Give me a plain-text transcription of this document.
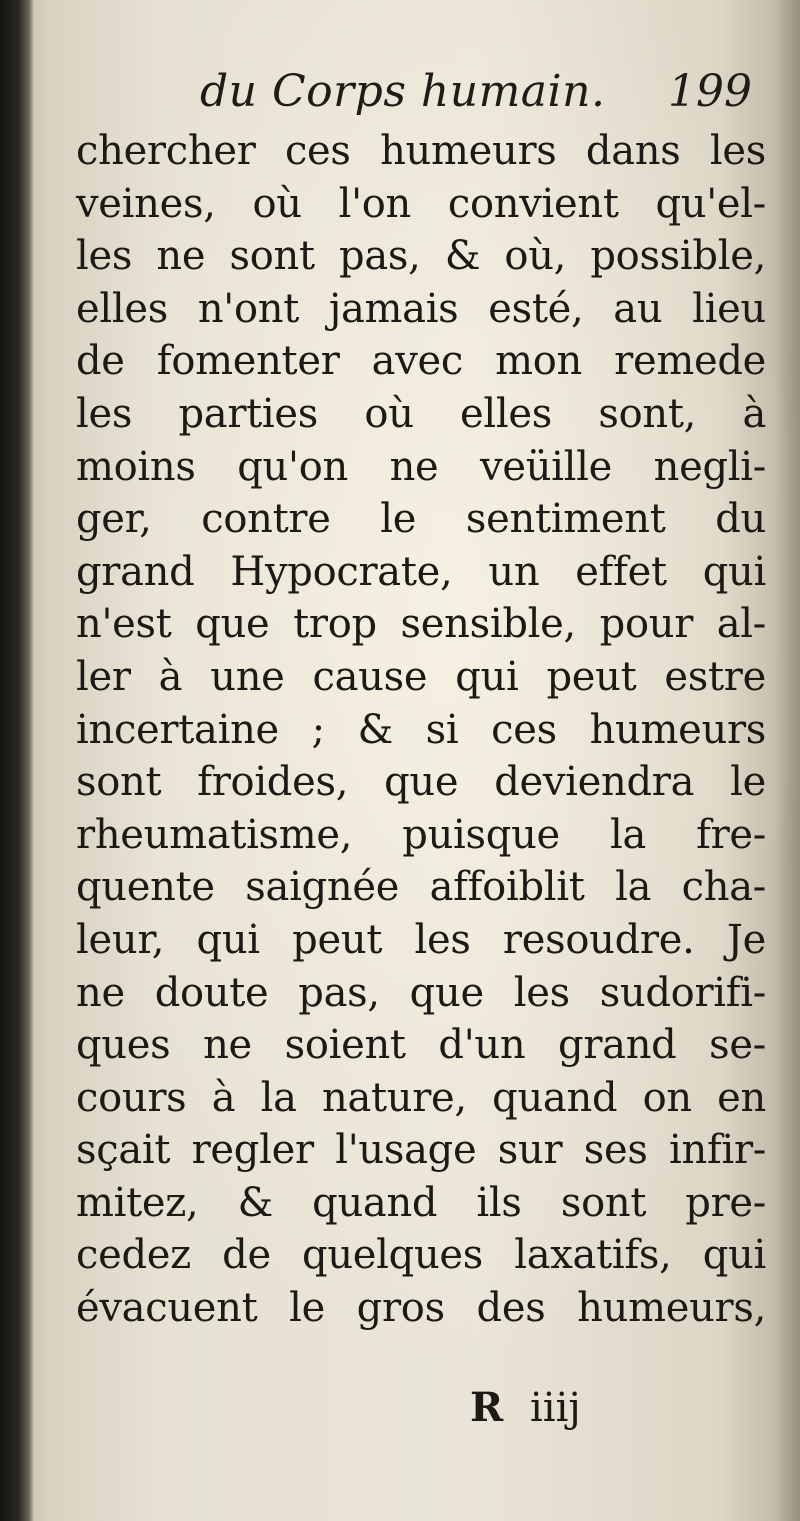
du Corps humain. 199
chercher ces humeurs dans les
veines, où l'on convient qu'el-
les ne sont pas, & où, possible,
elles n'ont jamais esté, au lieu
de fomenter avec mon remede
les parties où elles sont, à
moins qu'on ne veüille negli-
ger, contre le sentiment du
grand Hypocrate, un effet qui
n'est que trop sensible, pour al-
ler à une cause qui peut estre
incertaine ; & si ces humeurs
sont froides, que deviendra le
rheumatisme, puisque la fre-
quente saignée affoiblit la cha-
leur, qui peut les resoudre. Je
ne doute pas, que les sudorifi-
ques ne soient d'un grand se-
cours à la nature, quand on en
sçait regler l'usage sur ses infir-
mitez, & quand ils sont pre-
cedez de quelques laxatifs, qui
évacuent le gros des humeurs,
R iiij
